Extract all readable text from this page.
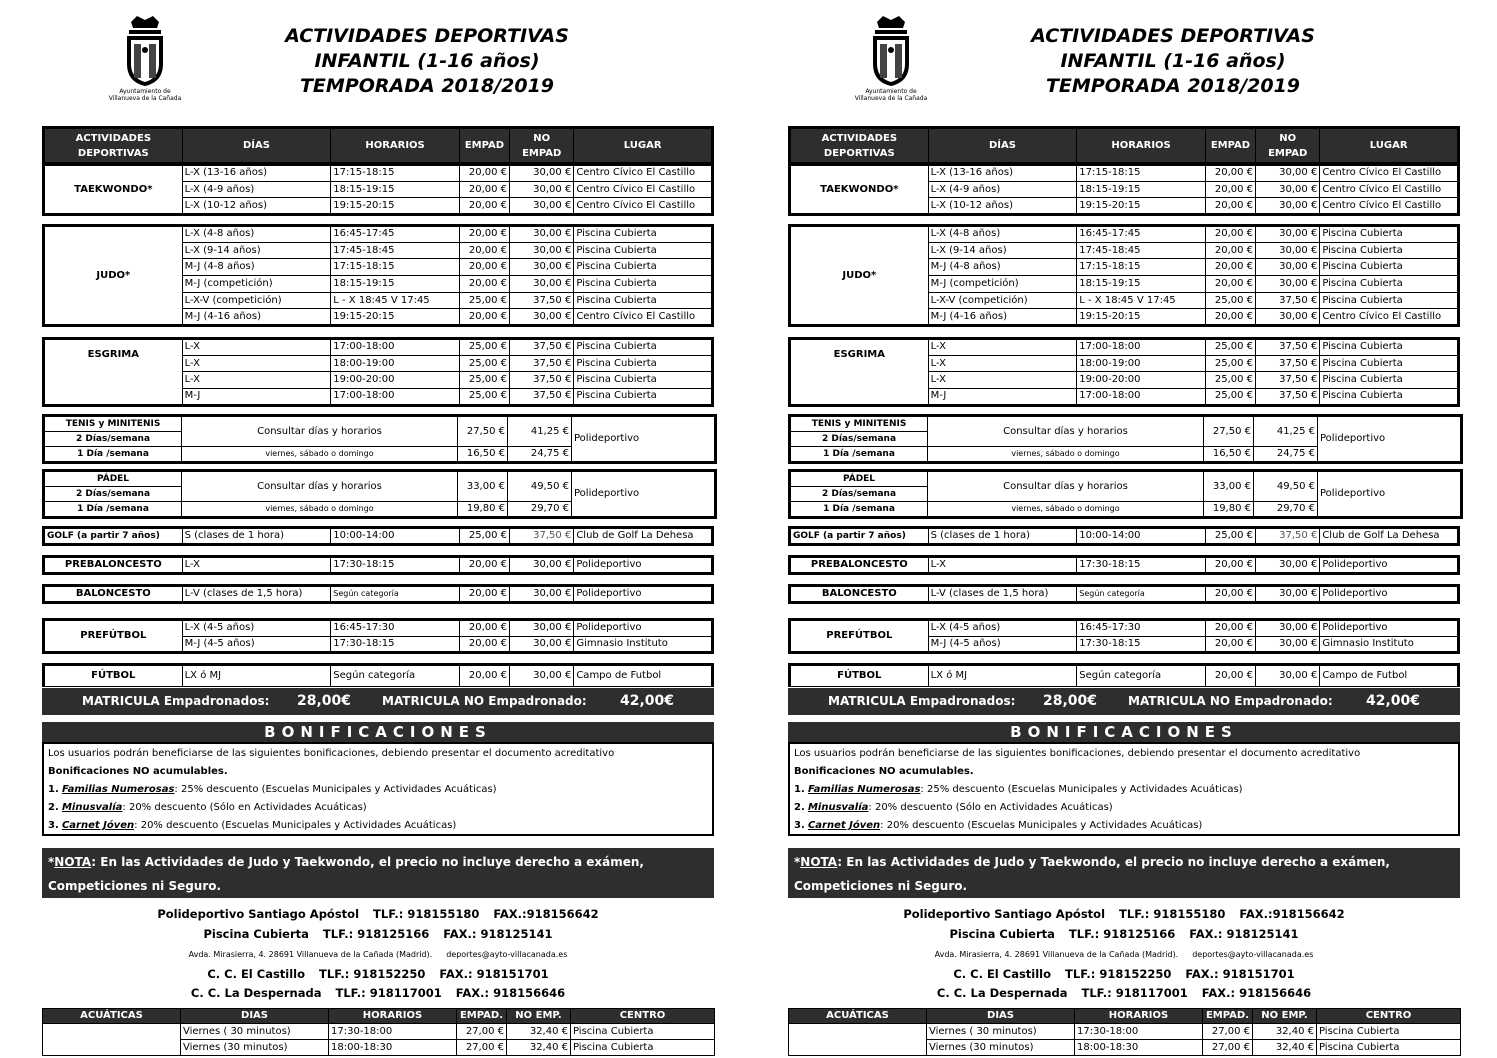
Ayuntamiento de
Villanueva de la Cañada
ACTIVIDADES DEPORTIVAS
INFANTIL (1-16 años)
TEMPORADA 2018/2019
ACTIVIDADES
DEPORTIVAS	DÍAS	HORARIOS	EMPAD	NO
EMPAD	LUGAR
TAEKWONDO*	L-X (13-16 años)	17:15-18:15	20,00 €	30,00 €	Centro Cívico El Castillo
	L-X (4-9 años)	18:15-19:15	20,00 €	30,00 €	Centro Cívico El Castillo
	L-X (10-12 años)	19:15-20:15	20,00 €	30,00 €	Centro Cívico El Castillo
JUDO*	L-X (4-8 años)	16:45-17:45	20,00 €	30,00 €	Piscina Cubierta
	L-X (9-14 años)	17:45-18:45	20,00 €	30,00 €	Piscina Cubierta
	M-J (4-8 años)	17:15-18:15	20,00 €	30,00 €	Piscina Cubierta
	M-J (competición)	18:15-19:15	20,00 €	30,00 €	Piscina Cubierta
	L-X-V (competición)	L - X 18:45 V 17:45	25,00 €	37,50 €	Piscina Cubierta
	M-J (4-16 años)	19:15-20:15	20,00 €	30,00 €	Centro Cívico El Castillo
ESGRIMA	L-X	17:00-18:00	25,00 €	37,50 €	Piscina Cubierta
	L-X	18:00-19:00	25,00 €	37,50 €	Piscina Cubierta
	L-X	19:00-20:00	25,00 €	37,50 €	Piscina Cubierta
	M-J	17:00-18:00	25,00 €	37,50 €	Piscina Cubierta
TENIS y MINITENIS	Consultar días y horarios	27,50 €	41,25 €	Polideportivo
2 Días/semana				
1 Día /semana	viernes, sábado o domingo	16,50 €	24,75 €	
PÁDEL	Consultar días y horarios	33,00 €	49,50 €	Polideportivo
2 Días/semana				
1 Día /semana	viernes, sábado o domingo	19,80 €	29,70 €	
GOLF (a partir 7 años)	S (clases de 1 hora)	10:00-14:00	25,00 €	37,50 €	Club de Golf La Dehesa
PREBALONCESTO	L-X	17:30-18:15	20,00 €	30,00 €	Polideportivo
BALONCESTO	L-V (clases de 1,5 hora)	Según categoría	20,00 €	30,00 €	Polideportivo
PREFÚTBOL	L-X (4-5 años)	16:45-17:30	20,00 €	30,00 €	Polideportivo
	M-J (4-5 años)	17:30-18:15	20,00 €	30,00 €	Gimnasio Instituto
FÚTBOL	LX ó MJ	Según categoría	20,00 €	30,00 €	Campo de Futbol
MATRICULA Empadronados: 28,00€	MATRICULA NO Empadronado: 42,00€
BONIFICACIONES

Los usuarios podrán beneficiarse de las siguientes bonificaciones, debiendo presentar el documento acreditativo

Bonificaciones NO acumulables.

1. Familias Numerosas: 25% descuento (Escuelas Municipales y Actividades Acuáticas)

2. Minusvalía: 20% descuento (Sólo en Actividades Acuáticas)

3. Carnet Jóven: 20% descuento (Escuelas Municipales y Actividades Acuáticas)

*NOTA: En las Actividades de Judo y Taekwondo, el precio no incluye derecho a exámen,
Competiciones ni Seguro.
Polideportivo Santiago Apóstol TLF.: 918155180 FAX.:918156642
Piscina Cubierta TLF.: 918125166 FAX.: 918125141
Avda. Mirasierra, 4. 28691 Villanueva de la Cañada (Madrid). deportes@ayto-villacanada.es
C. C. El Castillo TLF.: 918152250 FAX.: 918151701
C. C. La Despernada TLF.: 918117001 FAX.: 918156646
ACUÁTICAS	DIAS	HORARIOS	EMPAD.	NO EMP.	CENTRO
	Viernes ( 30 minutos)	17:30-18:00	27,00 €	32,40 €	Piscina Cubierta
	Viernes (30 minutos)	18:00-18:30	27,00 €	32,40 €	Piscina Cubierta
Ayuntamiento de
Villanueva de la Cañada
ACTIVIDADES DEPORTIVAS
INFANTIL (1-16 años)
TEMPORADA 2018/2019
ACTIVIDADES
DEPORTIVAS	DÍAS	HORARIOS	EMPAD	NO
EMPAD	LUGAR
TAEKWONDO*	L-X (13-16 años)	17:15-18:15	20,00 €	30,00 €	Centro Cívico El Castillo
	L-X (4-9 años)	18:15-19:15	20,00 €	30,00 €	Centro Cívico El Castillo
	L-X (10-12 años)	19:15-20:15	20,00 €	30,00 €	Centro Cívico El Castillo
JUDO*	L-X (4-8 años)	16:45-17:45	20,00 €	30,00 €	Piscina Cubierta
	L-X (9-14 años)	17:45-18:45	20,00 €	30,00 €	Piscina Cubierta
	M-J (4-8 años)	17:15-18:15	20,00 €	30,00 €	Piscina Cubierta
	M-J (competición)	18:15-19:15	20,00 €	30,00 €	Piscina Cubierta
	L-X-V (competición)	L - X 18:45 V 17:45	25,00 €	37,50 €	Piscina Cubierta
	M-J (4-16 años)	19:15-20:15	20,00 €	30,00 €	Centro Cívico El Castillo
ESGRIMA	L-X	17:00-18:00	25,00 €	37,50 €	Piscina Cubierta
	L-X	18:00-19:00	25,00 €	37,50 €	Piscina Cubierta
	L-X	19:00-20:00	25,00 €	37,50 €	Piscina Cubierta
	M-J	17:00-18:00	25,00 €	37,50 €	Piscina Cubierta
TENIS y MINITENIS	Consultar días y horarios	27,50 €	41,25 €	Polideportivo
2 Días/semana				
1 Día /semana	viernes, sábado o domingo	16,50 €	24,75 €	
PÁDEL	Consultar días y horarios	33,00 €	49,50 €	Polideportivo
2 Días/semana				
1 Día /semana	viernes, sábado o domingo	19,80 €	29,70 €	
GOLF (a partir 7 años)	S (clases de 1 hora)	10:00-14:00	25,00 €	37,50 €	Club de Golf La Dehesa
PREBALONCESTO	L-X	17:30-18:15	20,00 €	30,00 €	Polideportivo
BALONCESTO	L-V (clases de 1,5 hora)	Según categoría	20,00 €	30,00 €	Polideportivo
PREFÚTBOL	L-X (4-5 años)	16:45-17:30	20,00 €	30,00 €	Polideportivo
	M-J (4-5 años)	17:30-18:15	20,00 €	30,00 €	Gimnasio Instituto
FÚTBOL	LX ó MJ	Según categoría	20,00 €	30,00 €	Campo de Futbol
MATRICULA Empadronados: 28,00€	MATRICULA NO Empadronado: 42,00€
BONIFICACIONES

Los usuarios podrán beneficiarse de las siguientes bonificaciones, debiendo presentar el documento acreditativo

Bonificaciones NO acumulables.

1. Familias Numerosas: 25% descuento (Escuelas Municipales y Actividades Acuáticas)

2. Minusvalía: 20% descuento (Sólo en Actividades Acuáticas)

3. Carnet Jóven: 20% descuento (Escuelas Municipales y Actividades Acuáticas)

*NOTA: En las Actividades de Judo y Taekwondo, el precio no incluye derecho a exámen,
Competiciones ni Seguro.
Polideportivo Santiago Apóstol TLF.: 918155180 FAX.:918156642
Piscina Cubierta TLF.: 918125166 FAX.: 918125141
Avda. Mirasierra, 4. 28691 Villanueva de la Cañada (Madrid). deportes@ayto-villacanada.es
C. C. El Castillo TLF.: 918152250 FAX.: 918151701
C. C. La Despernada TLF.: 918117001 FAX.: 918156646
ACUÁTICAS	DIAS	HORARIOS	EMPAD.	NO EMP.	CENTRO
	Viernes ( 30 minutos)	17:30-18:00	27,00 €	32,40 €	Piscina Cubierta
	Viernes (30 minutos)	18:00-18:30	27,00 €	32,40 €	Piscina Cubierta
